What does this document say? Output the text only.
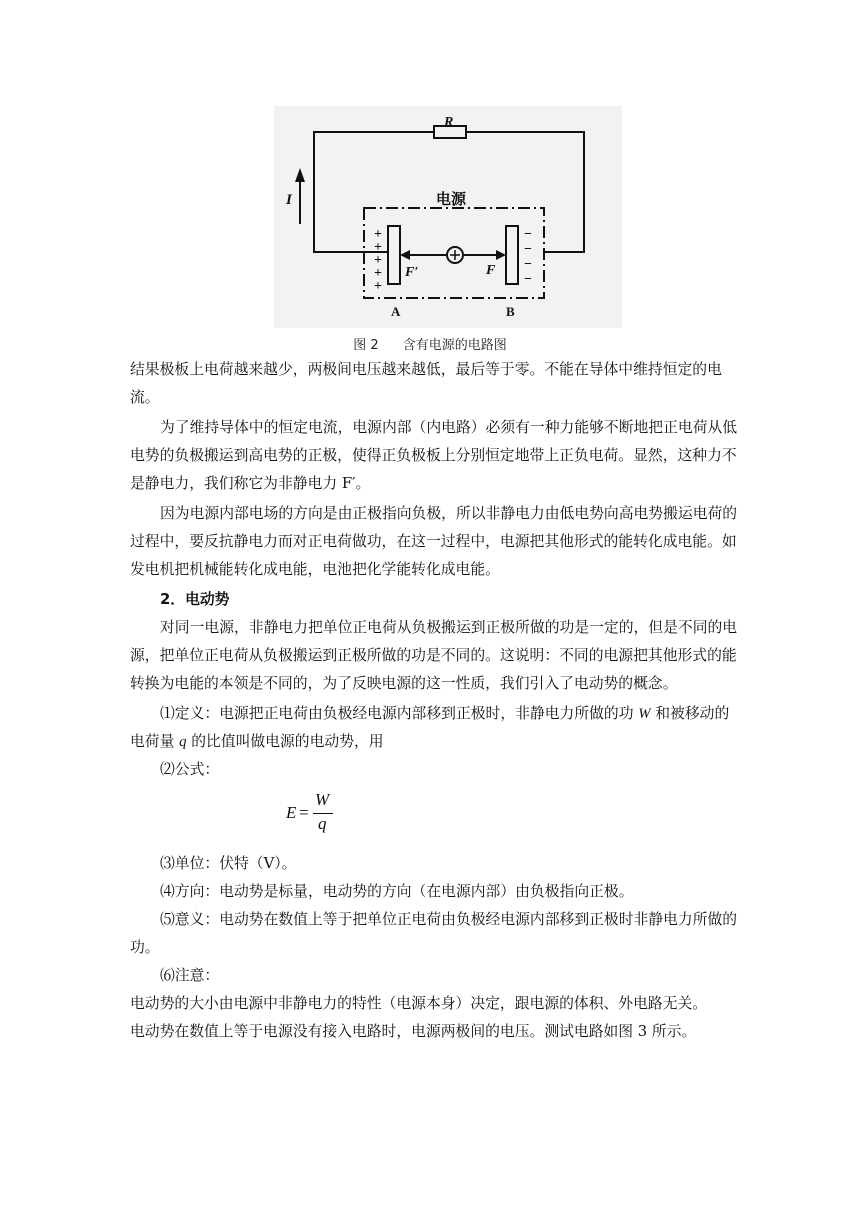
R
I	电源
F′	F
A	B
+
+
+
+
+
−
−
−
−
图 2 含有电源的电路图
结果极板上电荷越来越少，两极间电压越来越低，最后等于零。不能在导体中维持恒定的电流。
为了维持导体中的恒定电流，电源内部（内电路）必须有一种力能够不断地把正电荷从低电势的负极搬运到高电势的正极，使得正负极板上分别恒定地带上正负电荷。显然，这种力不是静电力，我们称它为非静电力 F′。
因为电源内部电场的方向是由正极指向负极，所以非静电力由低电势向高电势搬运电荷的过程中，要反抗静电力而对正电荷做功，在这一过程中，电源把其他形式的能转化成电能。如发电机把机械能转化成电能，电池把化学能转化成电能。
2．电动势
对同一电源，非静电力把单位正电荷从负极搬运到正极所做的功是一定的，但是不同的电源，把单位正电荷从负极搬运到正极所做的功是不同的。这说明：不同的电源把其他形式的能转换为电能的本领是不同的，为了反映电源的这一性质，我们引入了电动势的概念。
⑴定义：电源把正电荷由负极经电源内部移到正极时，非静电力所做的功 W 和被移动的电荷量 q 的比值叫做电源的电动势，用
⑵公式：
E =
W
q
⑶单位：伏特（V）。
⑷方向：电动势是标量，电动势的方向（在电源内部）由负极指向正极。
⑸意义：电动势在数值上等于把单位正电荷由负极经电源内部移到正极时非静电力所做的功。
⑹注意：
电动势的大小由电源中非静电力的特性（电源本身）决定，跟电源的体积、外电路无关。
电动势在数值上等于电源没有接入电路时，电源两极间的电压。测试电路如图 3 所示。
